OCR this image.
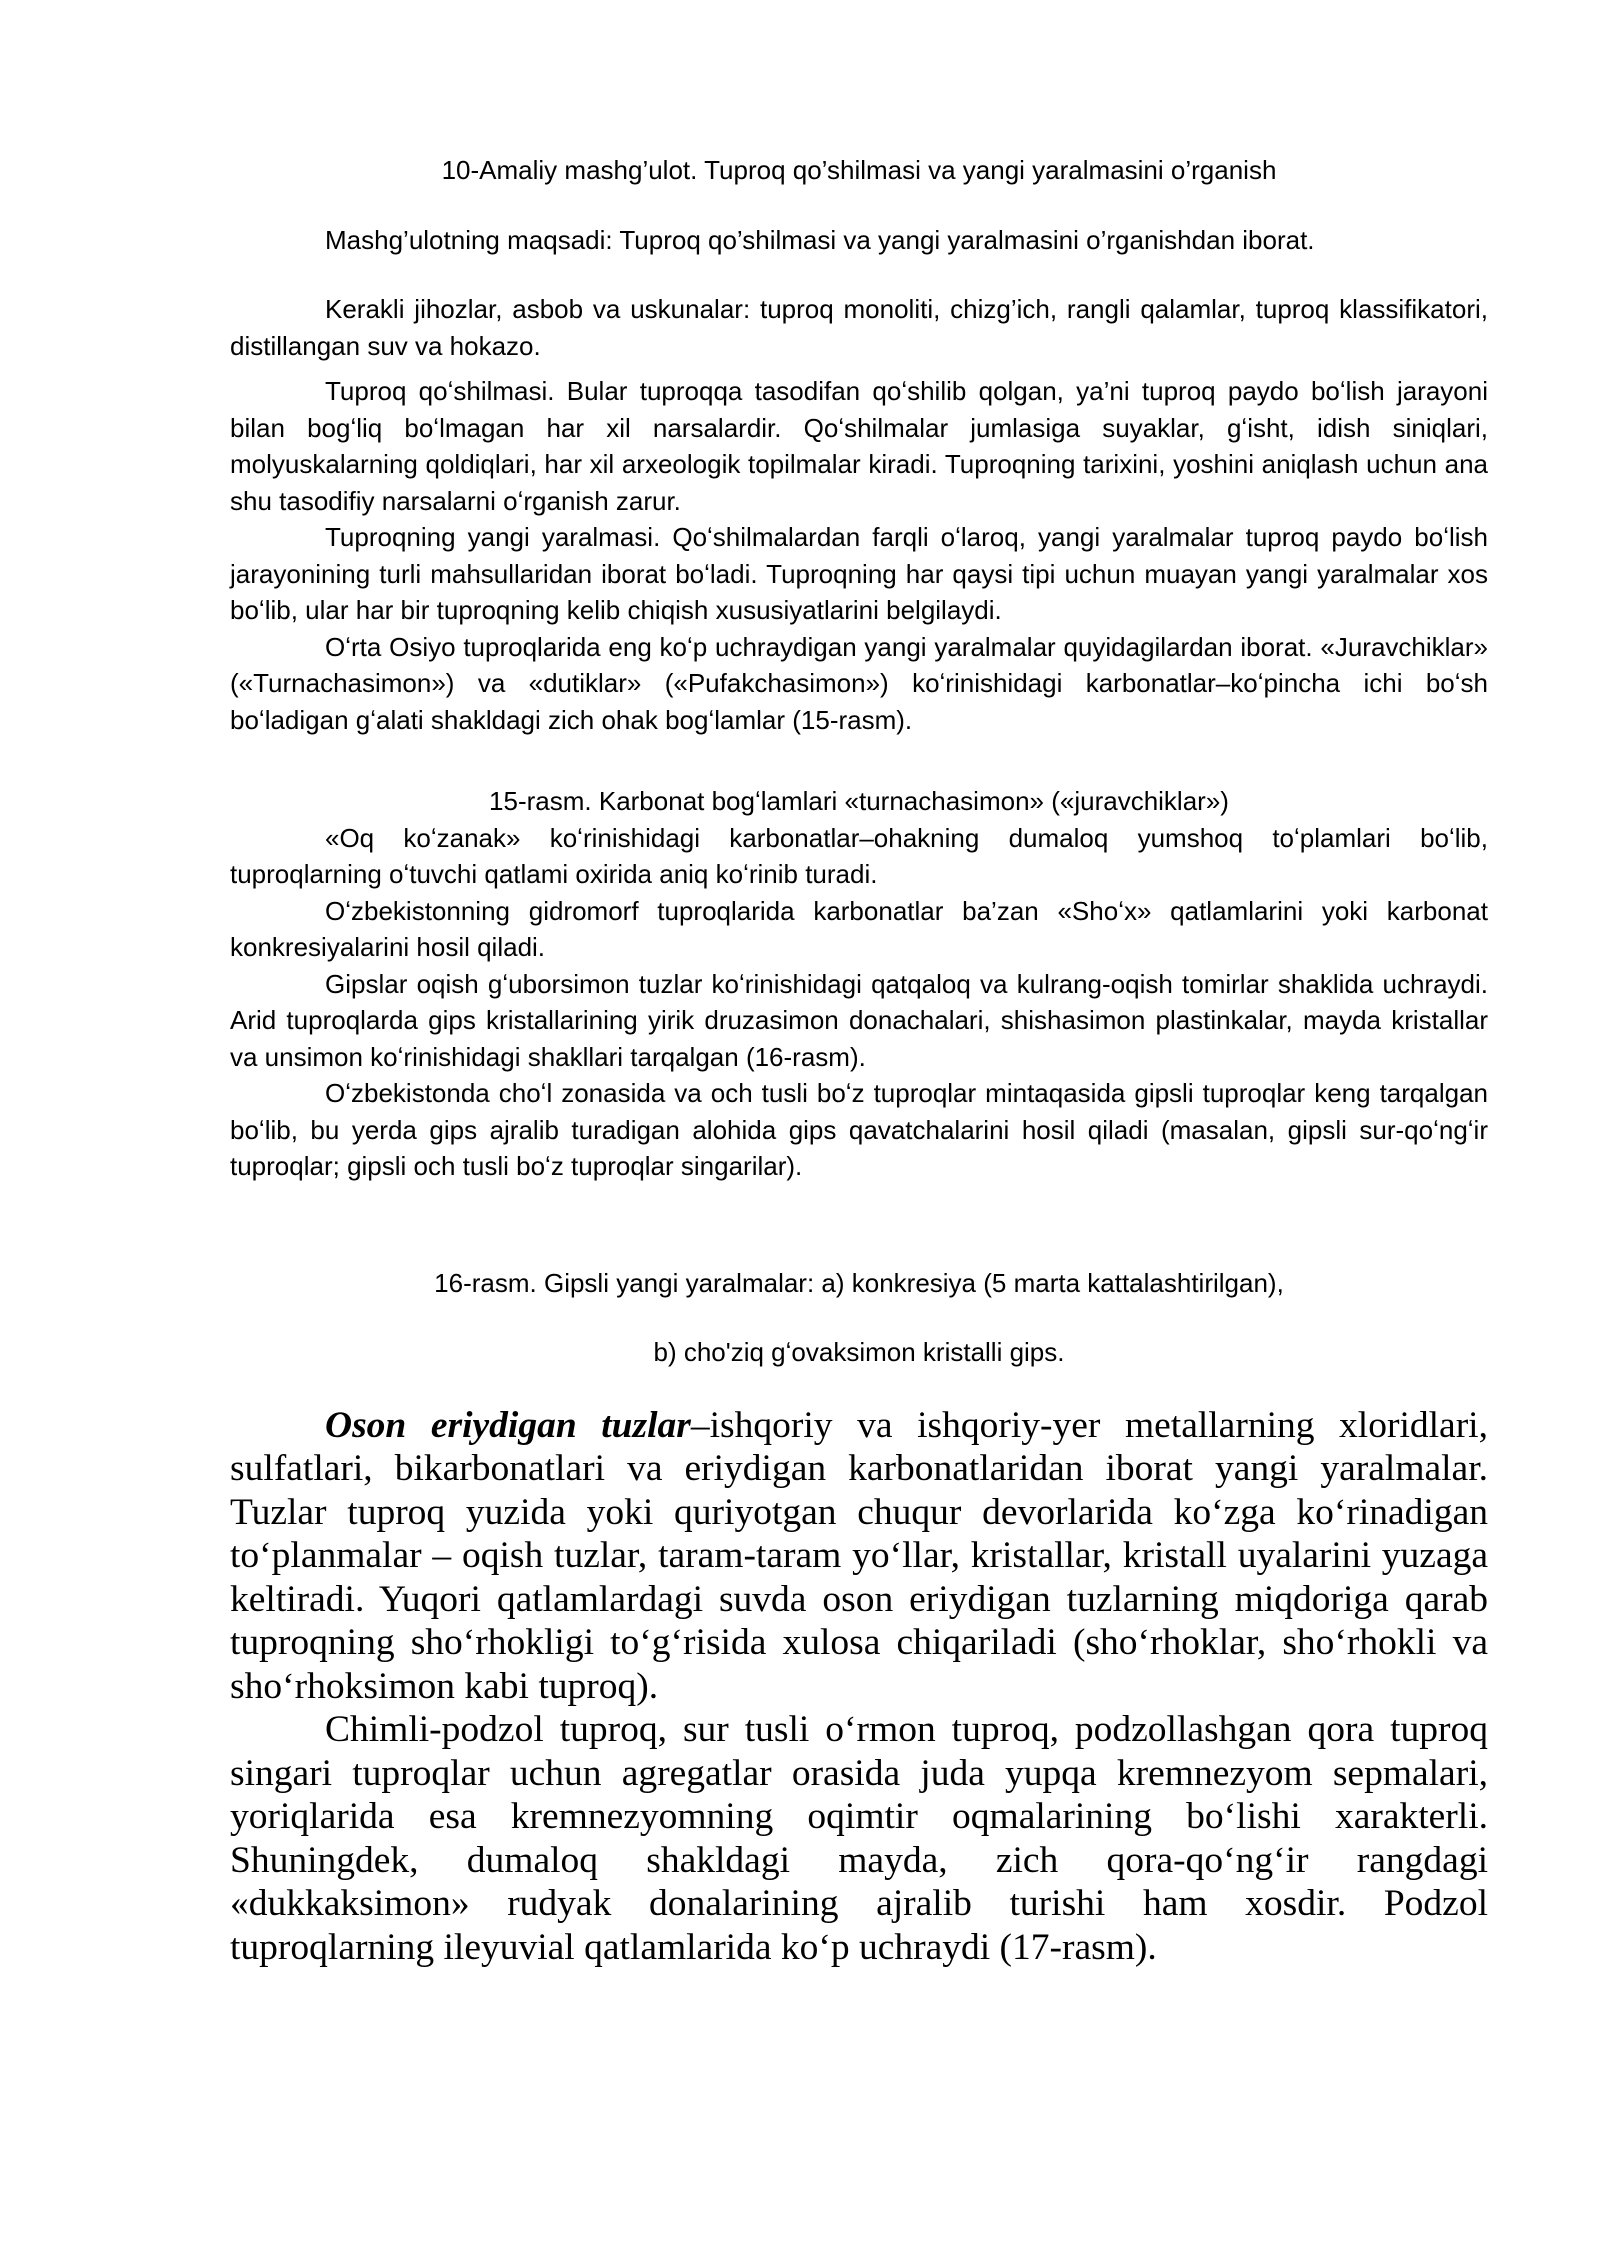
10-Amaliy mashg’ulot. Tuproq qo’shilmasi va yangi yaralmasini o’rganish

Mashg’ulotning maqsadi: Tuproq qo’shilmasi va yangi yaralmasini o’rganishdan iborat.

Kerakli jihozlar, asbob va uskunalar: tuproq monoliti, chizg’ich, rangli qalamlar, tuproq klassifikatori, distillangan suv va hokazo.

Tuproq qoʻshilmasi. Bular tuproqqa tasodifan qoʻshilib qolgan, ya’ni tuproq paydo boʻlish jarayoni bilan bogʻliq boʻlmagan har xil narsalardir. Qoʻshilmalar jumlasiga suyaklar, gʻisht, idish siniqlari, molyuskalarning qoldiqlari, har xil arxeologik topilmalar kiradi. Tuproqning tarixini, yoshini aniqlash uchun ana shu tasodifiy narsalarni oʻrganish zarur.

Tuproqning yangi yaralmasi. Qoʻshilmalardan farqli oʻlaroq, yangi yaralmalar tuproq paydo boʻlish jarayonining turli mahsullaridan iborat boʻladi. Tuproqning har qaysi tipi uchun muayan yangi yaralmalar xos boʻlib, ular har bir tuproqning kelib chiqish xususiyatlarini belgilaydi.

Oʻrta Osiyo tuproqlarida eng koʻp uchraydigan yangi yaralmalar quyidagilardan iborat. «Juravchiklar» («Turnachasimon») va «dutiklar» («Pufakchasimon») koʻrinishidagi karbonatlar–koʻpincha ichi boʻsh boʻladigan gʻalati shakldagi zich ohak bogʻlamlar (15-rasm).

15-rasm. Karbonat bogʻlamlari «turnachasimon» («juravchiklar»)

«Oq koʻzanak» koʻrinishidagi karbonatlar–ohakning dumaloq yumshoq toʻplamlari boʻlib, tuproqlarning oʻtuvchi qatlami oxirida aniq koʻrinib turadi.

Oʻzbekistonning gidromorf tuproqlarida karbonatlar ba’zan «Shoʻx» qatlamlarini yoki karbonat konkresiyalarini hosil qiladi.

Gipslar oqish gʻuborsimon tuzlar koʻrinishidagi qatqaloq va kulrang-oqish tomirlar shaklida uchraydi. Arid tuproqlarda gips kristallarining yirik druzasimon donachalari, shishasimon plastinkalar, mayda kristallar va unsimon koʻrinishidagi shakllari tarqalgan (16-rasm).

Oʻzbekistonda choʻl zonasida va och tusli boʻz tuproqlar mintaqasida gipsli tuproqlar keng tarqalgan boʻlib, bu yerda gips ajralib turadigan alohida gips qavatchalarini hosil qiladi (masalan, gipsli sur-qoʻngʻir tuproqlar; gipsli och tusli boʻz tuproqlar singarilar).

16-rasm. Gipsli yangi yaralmalar: a) konkresiya (5 marta kattalashtirilgan),

b) cho'ziq gʻovaksimon kristalli gips.

Oson eriydigan tuzlar–ishqoriy va ishqoriy-yer metallarning xloridlari, sulfatlari, bikarbonatlari va eriydigan karbonatlaridan iborat yangi yaralmalar. Tuzlar tuproq yuzida yoki quriyotgan chuqur devorlarida koʻzga koʻrinadigan toʻplanmalar – oqish tuzlar, taram-taram yoʻllar, kristallar, kristall uyalarini yuzaga keltiradi. Yuqori qatlamlardagi suvda oson eriydigan tuzlarning miqdoriga qarab tuproqning shoʻrhokligi toʻgʻrisida xulosa chiqariladi (shoʻrhoklar, shoʻrhokli va shoʻrhoksimon kabi tuproq).

Chimli-podzol tuproq, sur tusli oʻrmon tuproq, podzollashgan qora tuproq singari tuproqlar uchun agregatlar orasida juda yupqa kremnezyom sepmalari, yoriqlarida esa kremnezyomning oqimtir oqmalarining boʻlishi xarakterli. Shuningdek, dumaloq shakldagi mayda, zich qora-qoʻngʻir rangdagi «dukkaksimon» rudyak donalarining ajralib turishi ham xosdir. Podzol tuproqlarning ileyuvial qatlamlarida koʻp uchraydi (17-rasm).
